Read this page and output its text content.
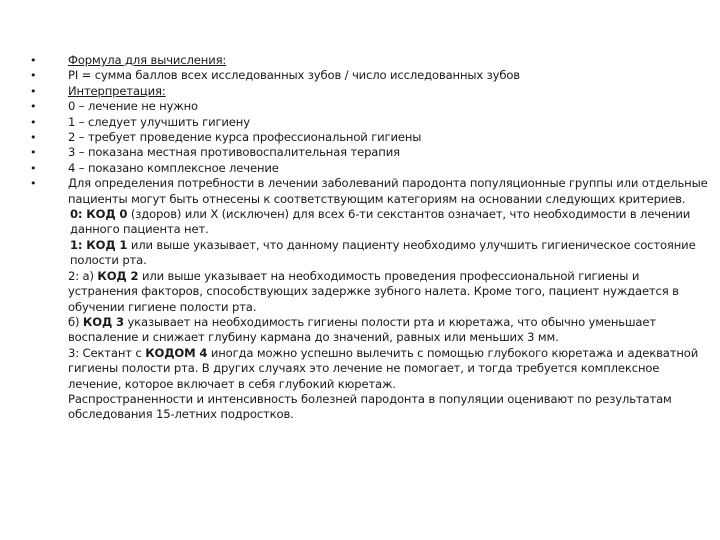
•	Формула для вычисления:
•	PI = сумма баллов всех исследованных зубов / число исследованных зубов
•	Интерпретация:
•	0 – лечение не нужно
•	1 – следует улучшить гигиену
•	2 – требует проведение курса профессиональной гигиены
•	3 – показана местная противовоспалительная терапия
•	4 – показано комплексное лечение
•	Для определения потребности в лечении заболеваний пародонта популяционные группы или отдельные пациенты могут быть отнесены к соответствующим категориям на основании следующих критериев.
0: КОД 0 (здоров) или X (исключен) для всех 6-ти секстантов означает, что необходимости в лечении данного пациента нет.
1: КОД 1 или выше указывает, что данному пациенту необходимо улучшить гигиеническое состояние полости рта.
2: а) КОД 2 или выше указывает на необходимость проведения профессиональной гигиены и устранения факторов, способствующих задержке зубного налета. Кроме того, пациент нуждается в обучении гигиене полости рта.
б) КОД 3 указывает на необходимость гигиены полости рта и кюретажа, что обычно уменьшает воспаление и снижает глубину кармана до значений, равных или меньших 3 мм.
3: Сектант с КОДОМ 4 иногда можно успешно вылечить с помощью глубокого кюретажа и адекватной гигиены полости рта. В других случаях это лечение не помогает, и тогда требуется комплексное лечение, которое включает в себя глубокий кюретаж.
Распространенности и интенсивность болезней пародонта в популяции оценивают по результатам обследования 15-летних подростков.
